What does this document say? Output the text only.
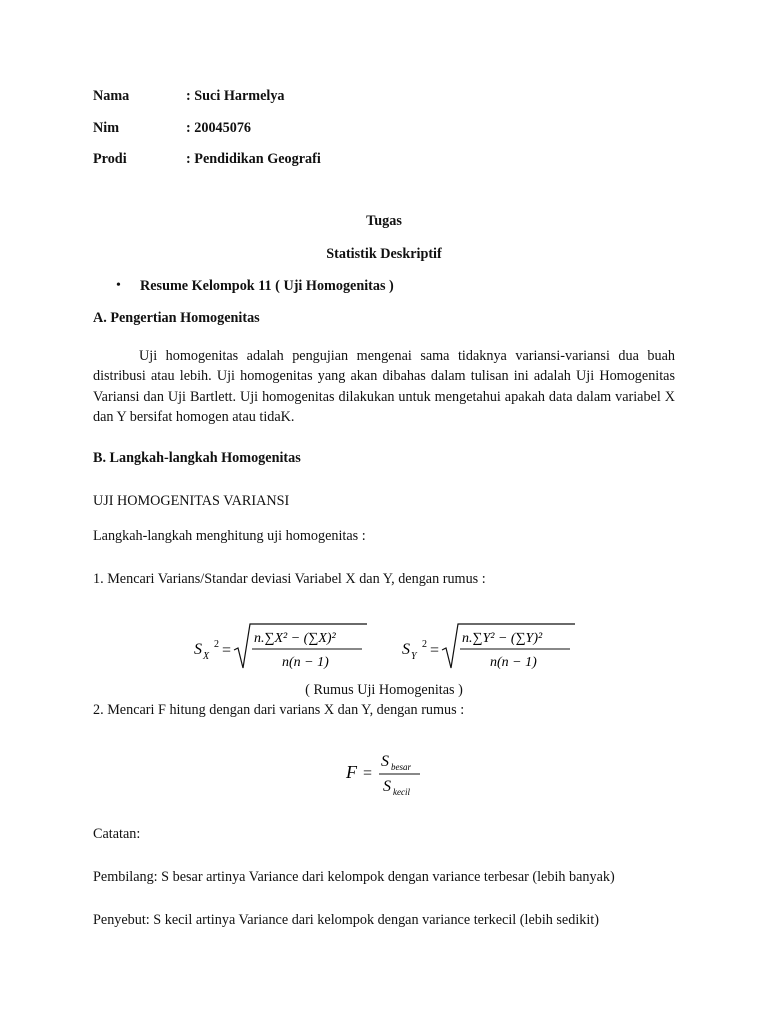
Nama	: Suci Harmelya
Nim	: 20045076
Prodi	: Pendidikan Geografi
Tugas
Statistik Deskriptif
• Resume Kelompok 11 ( Uji Homogenitas )
A. Pengertian Homogenitas
Uji homogenitas adalah pengujian mengenai sama tidaknya variansi-variansi dua buah distribusi atau lebih. Uji homogenitas yang akan dibahas dalam tulisan ini adalah Uji Homogenitas Variansi dan Uji Bartlett. Uji homogenitas dilakukan untuk mengetahui apakah data dalam variabel X dan Y bersifat homogen atau tidaK.
B. Langkah-langkah Homogenitas
UJI HOMOGENITAS VARIANSI
Langkah-langkah menghitung uji homogenitas :
1. Mencari Varians/Standar deviasi Variabel X dan Y, dengan rumus :
S X
2 =
n.∑X² − (∑X)²
n(n − 1)
S Y
2 =
n.∑Y² − (∑Y)²
n(n − 1)
( Rumus Uji Homogenitas )
2. Mencari F hitung dengan dari varians X dan Y, dengan rumus :
F =
S besar
S kecil
Catatan:
Pembilang: S besar artinya Variance dari kelompok dengan variance terbesar (lebih banyak)
Penyebut: S kecil artinya Variance dari kelompok dengan variance terkecil (lebih sedikit)
